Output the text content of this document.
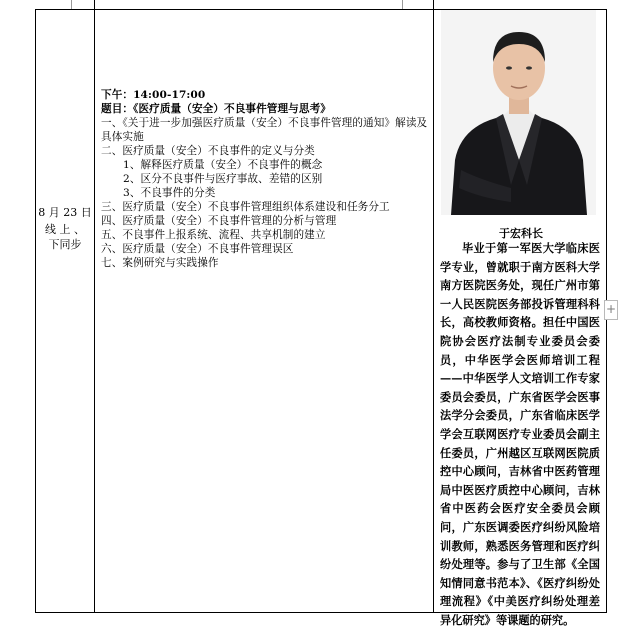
8 月 23 日
线 上 、
下同步
下午：14:00-17:00
题目：《医疗质量（安全）不良事件管理与思考》
一、《关于进一步加强医疗质量（安全）不良事件管理的通知》解读及具体实施
二、医疗质量（安全）不良事件的定义与分类
1、解释医疗质量（安全）不良事件的概念
2、区分不良事件与医疗事故、差错的区别
3、不良事件的分类
三、医疗质量（安全）不良事件管理组织体系建设和任务分工
四、医疗质量（安全）不良事件管理的分析与管理
五、不良事件上报系统、流程、共享机制的建立
六、医疗质量（安全）不良事件管理误区
七、案例研究与实践操作
于宏科长
毕业于第一军医大学临床医学专业，曾就职于南方医科大学南方医院医务处，现任广州市第一人民医院医务部投诉管理科科长，高校教师资格。担任中国医院协会医疗法制专业委员会委员，中华医学会医师培训工程——中华医学人文培训工作专家委员会委员，广东省医学会医事法学分会委员，广东省临床医学学会互联网医疗专业委员会副主任委员，广州越区互联网医院质控中心顾问，吉林省中医药管理局中医医疗质控中心顾问，吉林省中医药会医疗安全委员会顾问，广东医调委医疗纠纷风险培训教师，熟悉医务管理和医疗纠纷处理等。参与了卫生部《全国知情同意书范本》、《医疗纠纷处理流程》《中美医疗纠纷处理差异化研究》等课题的研究。
+
